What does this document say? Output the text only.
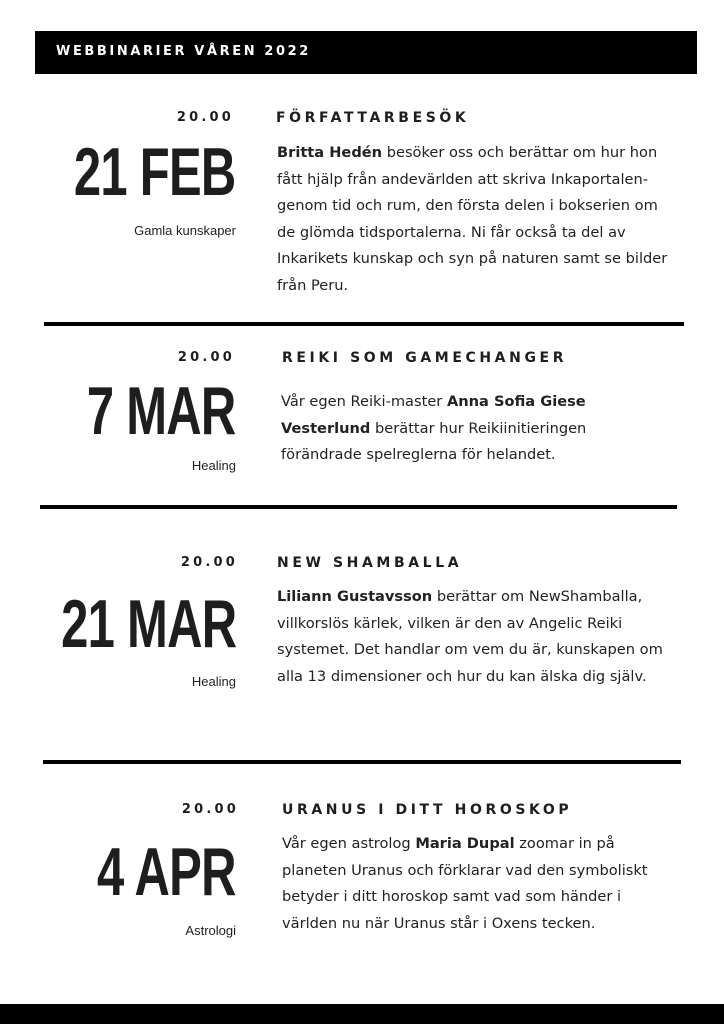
WEBBINARIER VÅREN 2022
20.00
21 FEB
Gamla kunskaper
FÖRFATTARBESÖK

Britta Hedén besöker oss och berättar om hur hon fått hjälp från andevärlden att skriva Inkaportalen-genom tid och rum, den första delen i bokserien om de glömda tidsportalerna. Ni får också ta del av Inkarikets kunskap och syn på naturen samt se bilder från Peru.

20.00
7 MAR
Healing
REIKI SOM GAMECHANGER

Vår egen Reiki-master Anna Sofia Giese Vesterlund berättar hur Reikiinitieringen förändrade spelreglerna för helandet.

20.00
21 MAR
Healing
NEW SHAMBALLA

Liliann Gustavsson berättar om NewShamballa, villkorslös kärlek, vilken är den av Angelic Reiki systemet. Det handlar om vem du är, kunskapen om alla 13 dimensioner och hur du kan älska dig själv.

20.00
4 APR
Astrologi
URANUS I DITT HOROSKOP

Vår egen astrolog Maria Dupal zoomar in på planeten Uranus och förklarar vad den symboliskt betyder i ditt horoskop samt vad som händer i världen nu när Uranus står i Oxens tecken.
